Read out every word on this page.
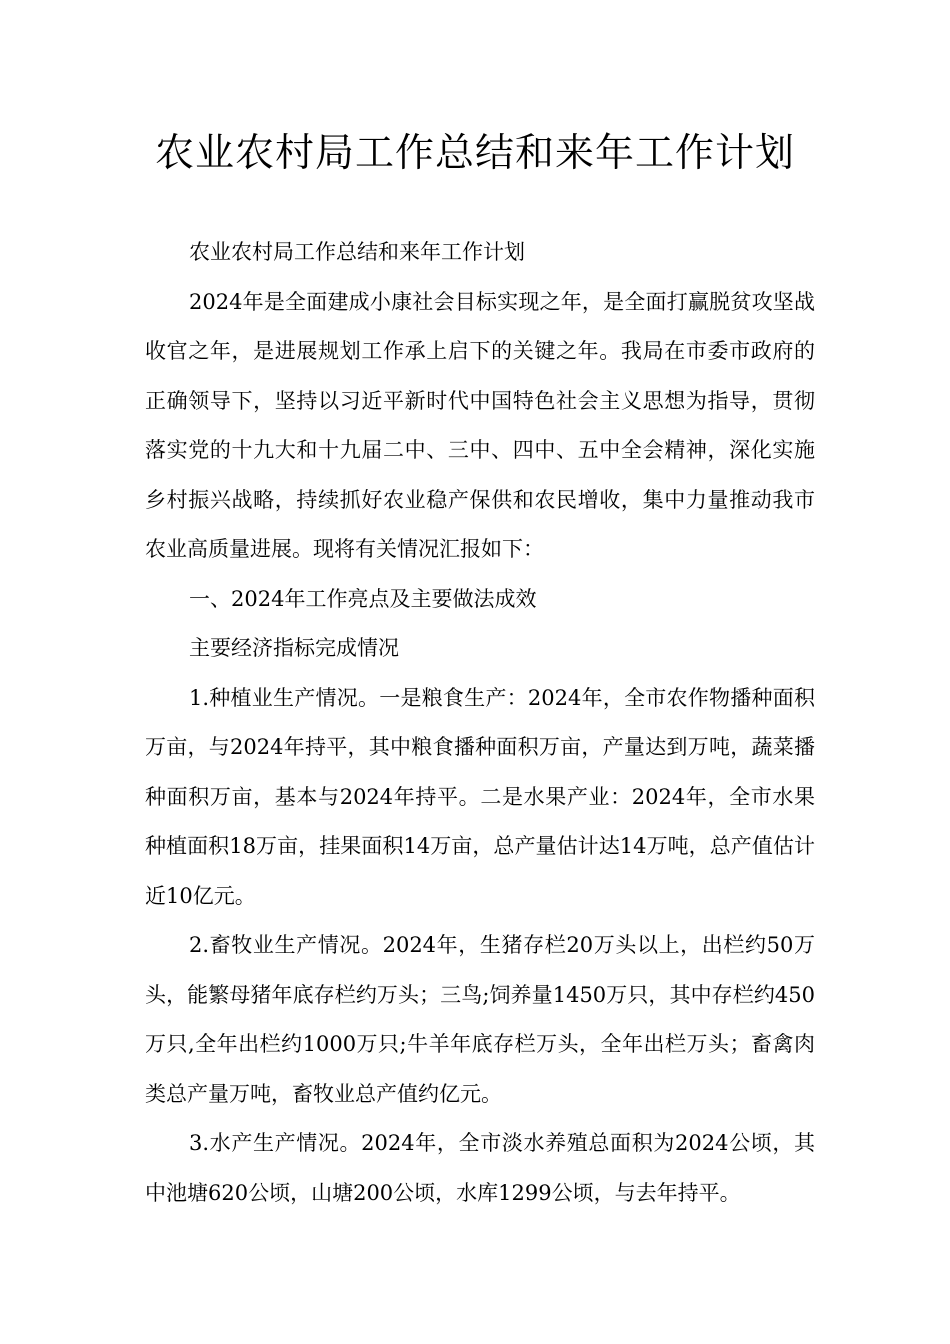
农业农村局工作总结和来年工作计划

农业农村局工作总结和来年工作计划

2024年是全面建成小康社会目标实现之年，是全面打赢脱贫攻坚战收官之年，是进展规划工作承上启下的关键之年。我局在市委市政府的正确领导下，坚持以习近平新时代中国特色社会主义思想为指导，贯彻落实党的十九大和十九届二中、三中、四中、五中全会精神，深化实施乡村振兴战略，持续抓好农业稳产保供和农民增收，集中力量推动我市农业高质量进展。现将有关情况汇报如下：

一、2024年工作亮点及主要做法成效

主要经济指标完成情况

1.种植业生产情况。一是粮食生产：2024年，全市农作物播种面积万亩，与2024年持平，其中粮食播种面积万亩，产量达到万吨，蔬菜播种面积万亩，基本与2024年持平。二是水果产业：2024年，全市水果种植面积18万亩，挂果面积14万亩，总产量估计达14万吨，总产值估计近10亿元。

2.畜牧业生产情况。2024年，生猪存栏20万头以上，出栏约50万头，能繁母猪年底存栏约万头；三鸟;饲养量1450万只，其中存栏约450万只,全年出栏约1000万只;牛羊年底存栏万头，全年出栏万头；畜禽肉类总产量万吨，畜牧业总产值约亿元。

3.水产生产情况。2024年，全市淡水养殖总面积为2024公顷，其中池塘620公顷，山塘200公顷，水库1299公顷，与去年持平。
